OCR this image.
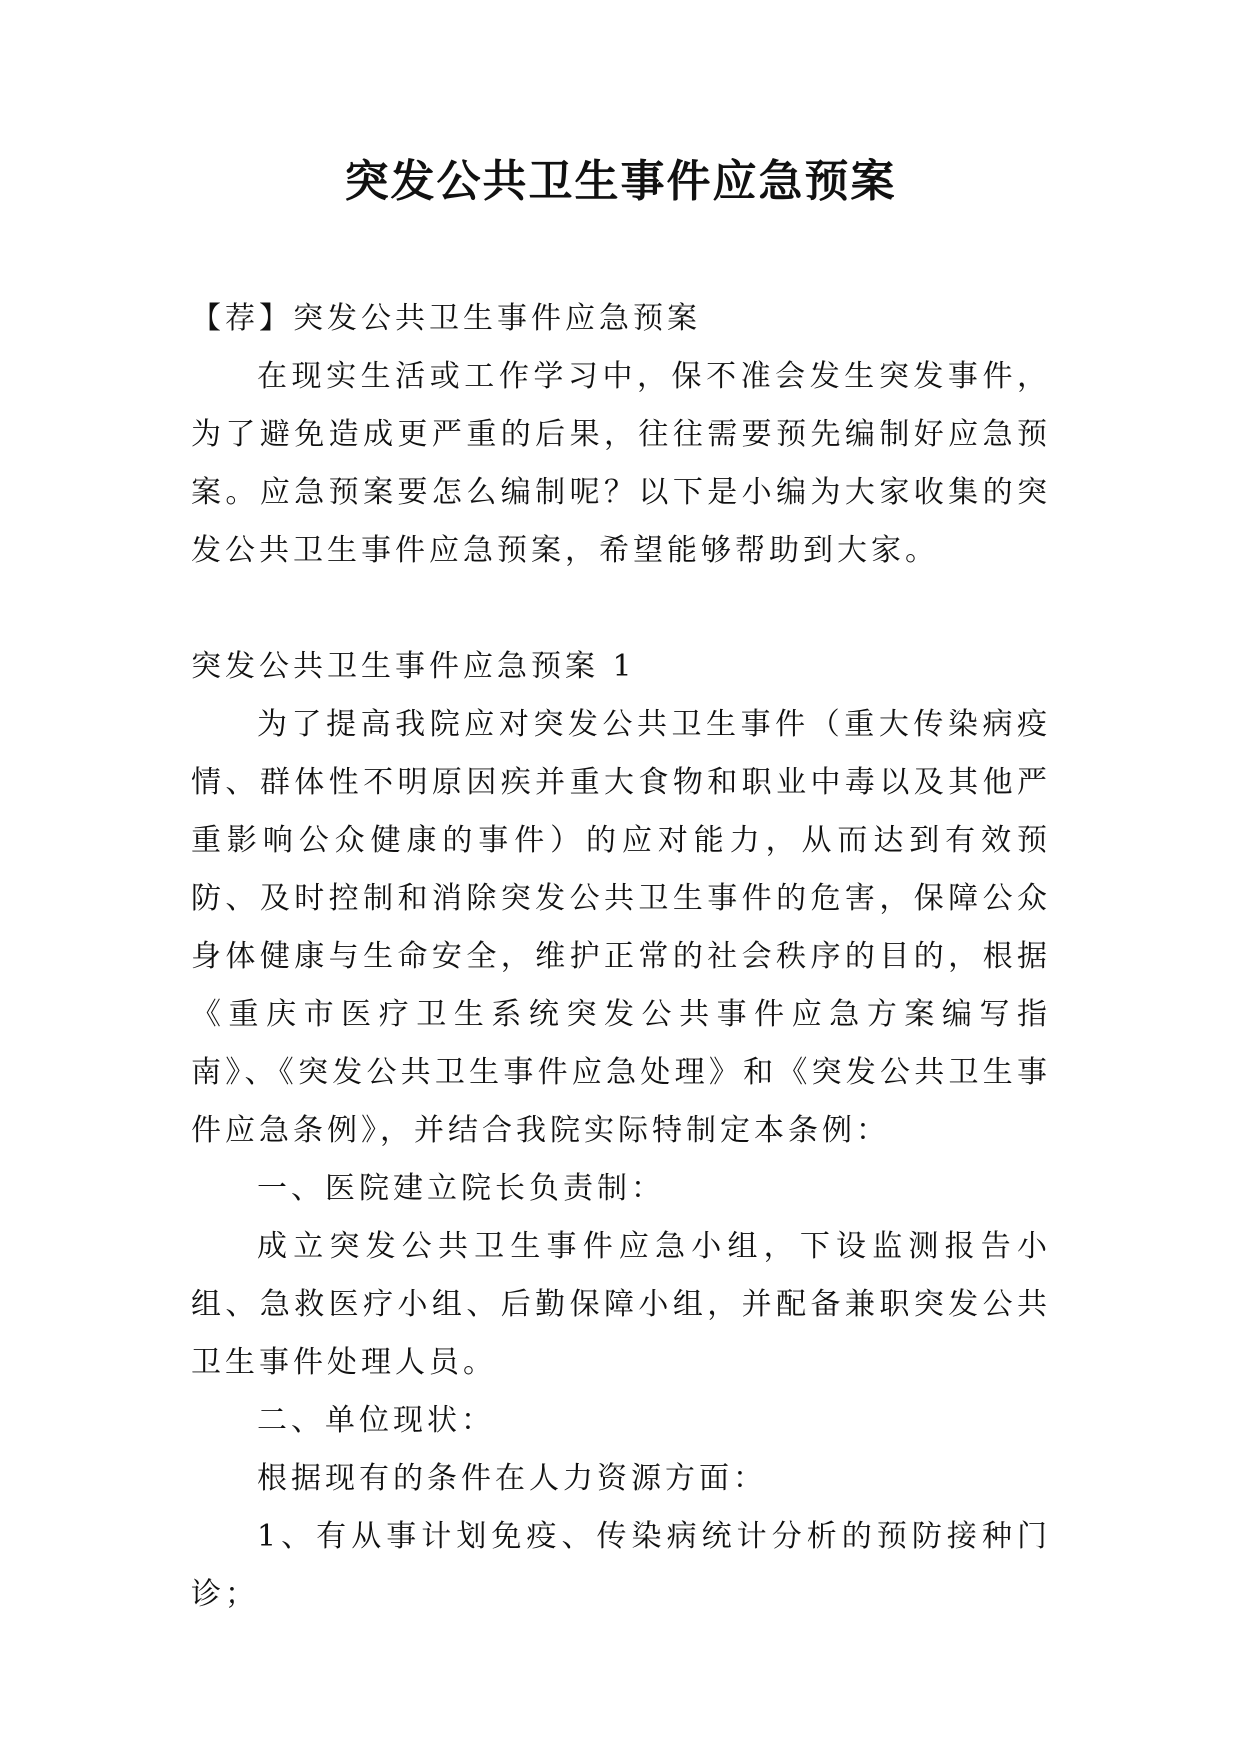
突发公共卫生事件应急预案

【荐】突发公共卫生事件应急预案

在现实生活或工作学习中，保不准会发生突发事件，为了避免造成更严重的后果，往往需要预先编制好应急预案。应急预案要怎么编制呢？以下是小编为大家收集的突发公共卫生事件应急预案，希望能够帮助到大家。

突发公共卫生事件应急预案 1

为了提高我院应对突发公共卫生事件（重大传染病疫情、群体性不明原因疾并重大食物和职业中毒以及其他严重影响公众健康的事件）的应对能力，从而达到有效预防、及时控制和消除突发公共卫生事件的危害，保障公众身体健康与生命安全，维护正常的社会秩序的目的，根据《重庆市医疗卫生系统突发公共事件应急方案编写指南》、《突发公共卫生事件应急处理》和《突发公共卫生事件应急条例》，并结合我院实际特制定本条例：

一、医院建立院长负责制：

成立突发公共卫生事件应急小组，下设监测报告小组、急救医疗小组、后勤保障小组，并配备兼职突发公共卫生事件处理人员。

二、单位现状：

根据现有的条件在人力资源方面：

1、有从事计划免疫、传染病统计分析的预防接种门诊；
